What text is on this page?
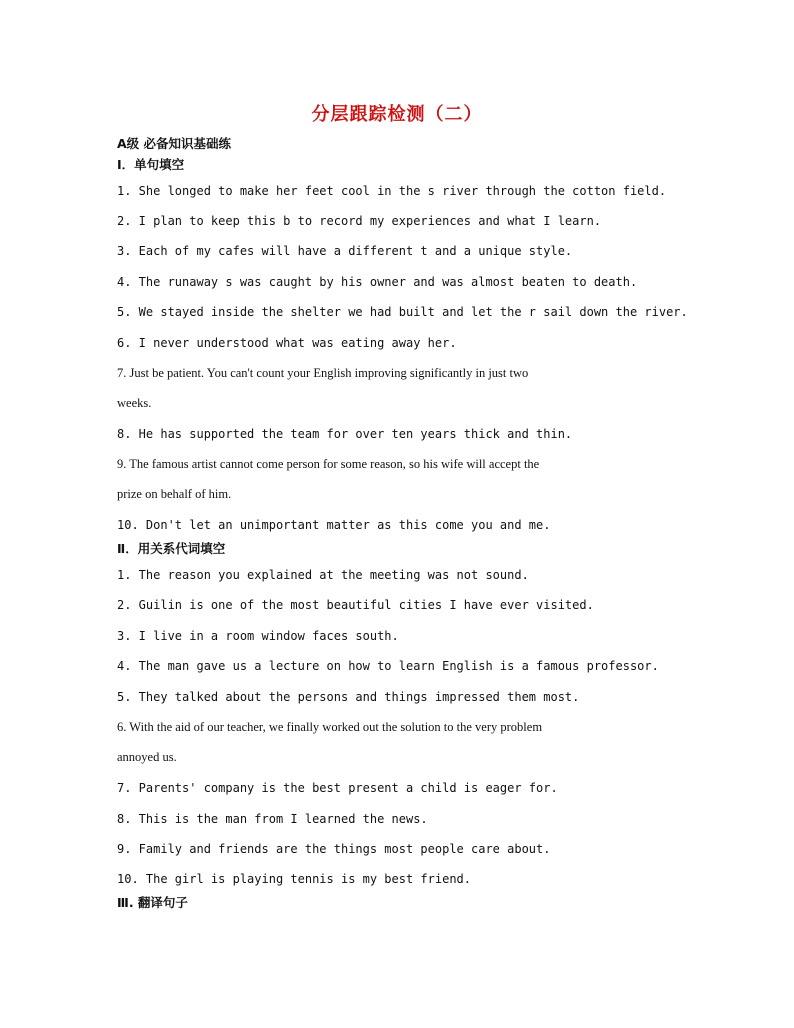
分层跟踪检测（二）
A级 必备知识基础练
Ⅰ．单句填空
1. She longed to make her feet cool in the s river through the cotton field.
2. I plan to keep this b to record my experiences and what I learn.
3. Each of my cafes will have a different t and a unique style.
4. The runaway s was caught by his owner and was almost beaten to death.
5. We stayed inside the shelter we had built and let the r sail down the river.
6. I never understood what was eating away her.
7. Just be patient. You can't count your English improving significantly in just two
weeks.
8. He has supported the team for over ten years thick and thin.
9. The famous artist cannot come person for some reason, so his wife will accept the
prize on behalf of him.
10. Don't let an unimportant matter as this come you and me.
Ⅱ．用关系代词填空
1. The reason you explained at the meeting was not sound.
2. Guilin is one of the most beautiful cities I have ever visited.
3. I live in a room window faces south.
4. The man gave us a lecture on how to learn English is a famous professor.
5. They talked about the persons and things impressed them most.
6. With the aid of our teacher, we finally worked out the solution to the very problem
annoyed us.
7. Parents' company is the best present a child is eager for.
8. This is the man from I learned the news.
9. Family and friends are the things most people care about.
10. The girl is playing tennis is my best friend.
Ⅲ. 翻译句子
